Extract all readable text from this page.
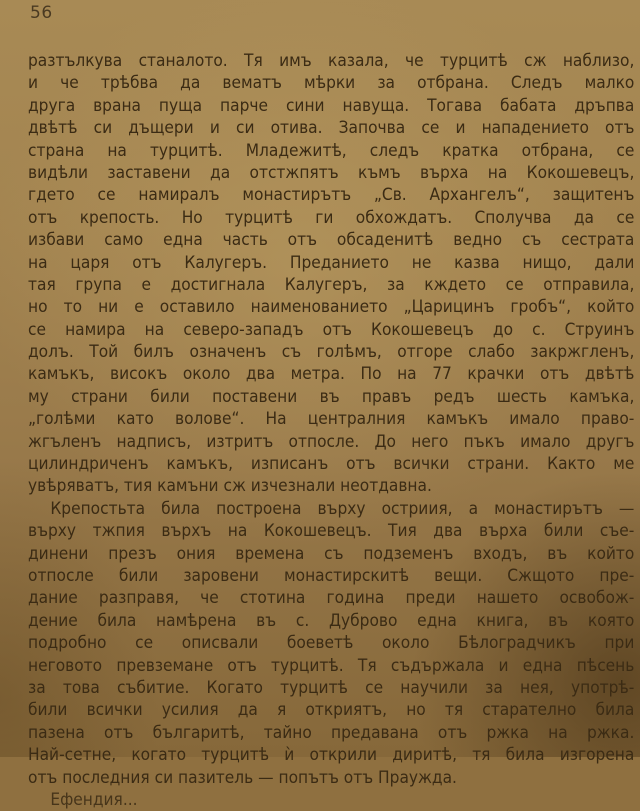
56
разтълкува станалото. Тя имъ казала, че турцитѣ сж наблизо,
и че трѣбва да вематъ мѣрки за отбрана. Следъ малко
друга врана пуща парче сини навуща. Тогава бабата дръпва
двѣтѣ си дъщери и си отива. Започва се и нападението отъ
страна на турцитѣ. Младежитѣ, следъ кратка отбрана, се
видѣли заставени да отстжпятъ къмъ върха на Кокошевецъ,
гдето се намиралъ монастирътъ „Св. Архангелъ“, защитенъ
отъ крепость. Но турцитѣ ги обхождатъ. Сполучва да се
избави само една часть отъ обсаденитѣ ведно съ сестрата
на царя отъ Калугеръ. Преданието не казва нищо, дали
тая група е достигнала Калугеръ, за кждето се отправила,
но то ни е оставило наименованието „Царицинъ гробъ“, който
се намира на северо-западъ отъ Кокошевецъ до с. Струинъ
долъ. Той билъ означенъ съ голѣмъ, отгоре слабо закржгленъ,
камъкъ, високъ около два метра. По на 77 крачки отъ двѣтѣ
му страни били поставени въ правъ редъ шесть камъка,
„голѣми като волове“. На централния камъкъ имало право-
жгъленъ надписъ, изтритъ отпосле. До него пъкъ имало другъ
цилиндриченъ камъкъ, изписанъ отъ всички страни. Както ме
увѣряватъ, тия камъни сж изчезнали неотдавна.
Крепостьта била построена върху остриия, а монастирътъ —
върху тжпия върхъ на Кокошевецъ. Тия два върха били съе-
динени презъ ония времена съ подземенъ входъ, въ който
отпосле били заровени монастирскитѣ вещи. Сжщото пре-
дание разправя, че стотина година преди нашето освобож-
дение била намѣрена въ с. Дуброво една книга, въ която
подробно се описвали боеветѣ около Бѣлоградчикъ при
неговото превземане отъ турцитѣ. Тя съдържала и една пѣсень
за това събитие. Когато турцитѣ се научили за нея, употрѣ-
били всички усилия да я откриятъ, но тя старателно била
пазена отъ българитѣ, тайно предавана отъ ржка на ржка.
Най-сетне, когато турцитѣ ѝ открили диритѣ, тя била изгорена
отъ последния си пазитель — попътъ отъ Праужда.
Ефендия...
